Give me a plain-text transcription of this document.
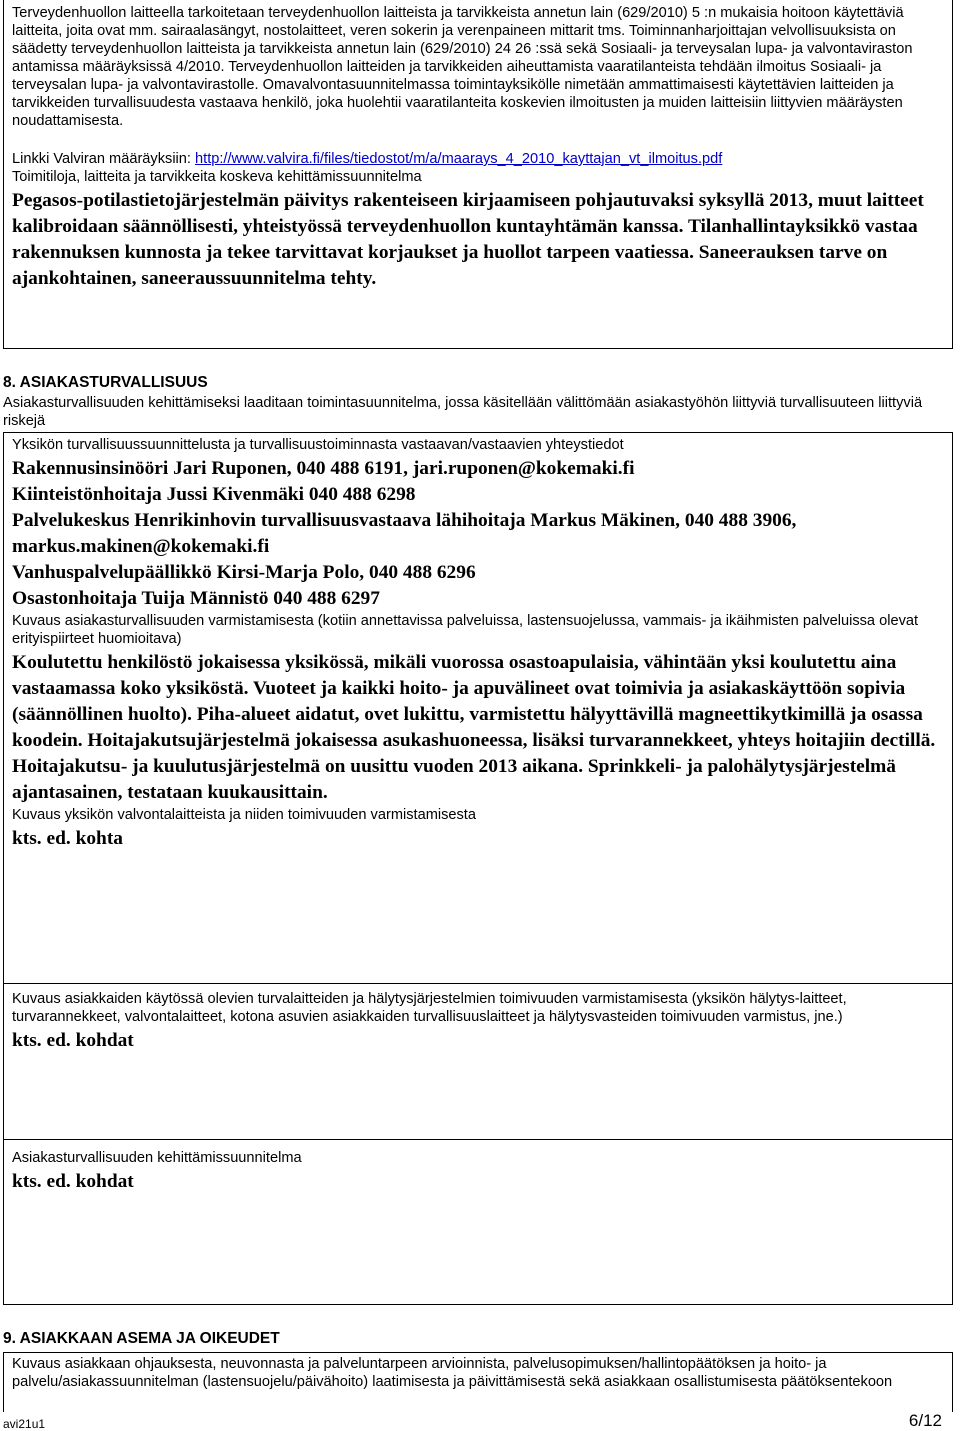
Terveydenhuollon laitteella tarkoitetaan terveydenhuollon laitteista ja tarvikkeista annetun lain (629/2010) 5 :n mukaisia hoitoon käytettäviä laitteita, joita ovat mm. sairaalasängyt, nostolaitteet, veren sokerin ja verenpaineen mittarit tms. Toiminnanharjoittajan velvollisuuksista on säädetty terveydenhuollon laitteista ja tarvikkeista annetun lain (629/2010) 24 26 :ssä sekä Sosiaali- ja terveysalan lupa- ja valvontaviraston antamissa määräyksissä 4/2010. Terveydenhuollon laitteiden ja tarvikkeiden aiheuttamista vaaratilanteista tehdään ilmoitus Sosiaali- ja terveysalan lupa- ja valvontavirastolle. Omavalvontasuunnitelmassa toimintayksikölle nimetään ammattimaisesti käytettävien laitteiden ja tarvikkeiden turvallisuudesta vastaava henkilö, joka huolehtii vaaratilanteita koskevien ilmoitusten ja muiden laitteisiin liittyvien määräysten noudattamisesta.

Linkki Valviran määräyksiin: http://www.valvira.fi/files/tiedostot/m/a/maarays_4_2010_kayttajan_vt_ilmoitus.pdf

Toimitiloja, laitteita ja tarvikkeita koskeva kehittämissuunnitelma

Pegasos-potilastietojärjestelmän päivitys rakenteiseen kirjaamiseen pohjautuvaksi syksyllä 2013, muut laitteet kalibroidaan säännöllisesti, yhteistyössä terveydenhuollon kuntayhtämän kanssa. Tilanhallintayksikkö vastaa rakennuksen kunnosta ja tekee tarvittavat korjaukset ja huollot tarpeen vaatiessa. Saneerauksen tarve on ajankohtainen, saneeraussuunnitelma tehty.

8. ASIAKASTURVALLISUUS
Asiakasturvallisuuden kehittämiseksi laaditaan toimintasuunnitelma, jossa käsitellään välittömään asiakastyöhön liittyviä turvallisuuteen liittyviä riskejä

Yksikön turvallisuussuunnittelusta ja turvallisuustoiminnasta vastaavan/vastaavien yhteystiedot

Rakennusinsinööri Jari Ruponen, 040 488 6191, jari.ruponen@kokemaki.fi

Kiinteistönhoitaja Jussi Kivenmäki 040 488 6298

Palvelukeskus Henrikinhovin turvallisuusvastaava lähihoitaja Markus Mäkinen, 040 488 3906, markus.makinen@kokemaki.fi

Vanhuspalvelupäällikkö Kirsi-Marja Polo, 040 488 6296

Osastonhoitaja Tuija Männistö 040 488 6297

Kuvaus asiakasturvallisuuden varmistamisesta (kotiin annettavissa palveluissa, lastensuojelussa, vammais- ja ikäihmisten palveluissa olevat erityispiirteet huomioitava)

Koulutettu henkilöstö jokaisessa yksikössä, mikäli vuorossa osastoapulaisia, vähintään yksi koulutettu aina vastaamassa koko yksiköstä. Vuoteet ja kaikki hoito- ja apuvälineet ovat toimivia ja asiakaskäyttöön sopivia (säännöllinen huolto). Piha-alueet aidatut, ovet lukittu, varmistettu hälyyttävillä magneettikytkimillä ja osassa koodein. Hoitajakutsujärjestelmä jokaisessa asukashuoneessa, lisäksi turvarannekkeet, yhteys hoitajiin dectillä. Hoitajakutsu- ja kuulutusjärjestelmä on uusittu vuoden 2013 aikana. Sprinkkeli- ja palohälytysjärjestelmä ajantasainen, testataan kuukausittain.

Kuvaus yksikön valvontalaitteista ja niiden toimivuuden varmistamisesta

kts. ed. kohta

Kuvaus asiakkaiden käytössä olevien turvalaitteiden ja hälytysjärjestelmien toimivuuden varmistamisesta (yksikön hälytys-laitteet, turvarannekkeet, valvontalaitteet, kotona asuvien asiakkaiden turvallisuuslaitteet ja hälytysvasteiden toimivuuden varmistus, jne.)

kts. ed. kohdat

Asiakasturvallisuuden kehittämissuunnitelma

kts. ed. kohdat

9. ASIAKKAAN ASEMA JA OIKEUDET

Kuvaus asiakkaan ohjauksesta, neuvonnasta ja palveluntarpeen arvioinnista, palvelusopimuksen/hallintopäätöksen ja hoito- ja palvelu/asiakassuunnitelman (lastensuojelu/päivähoito) laatimisesta ja päivittämisestä sekä asiakkaan osallistumisesta päätöksentekoon

avi21u1	6/12
